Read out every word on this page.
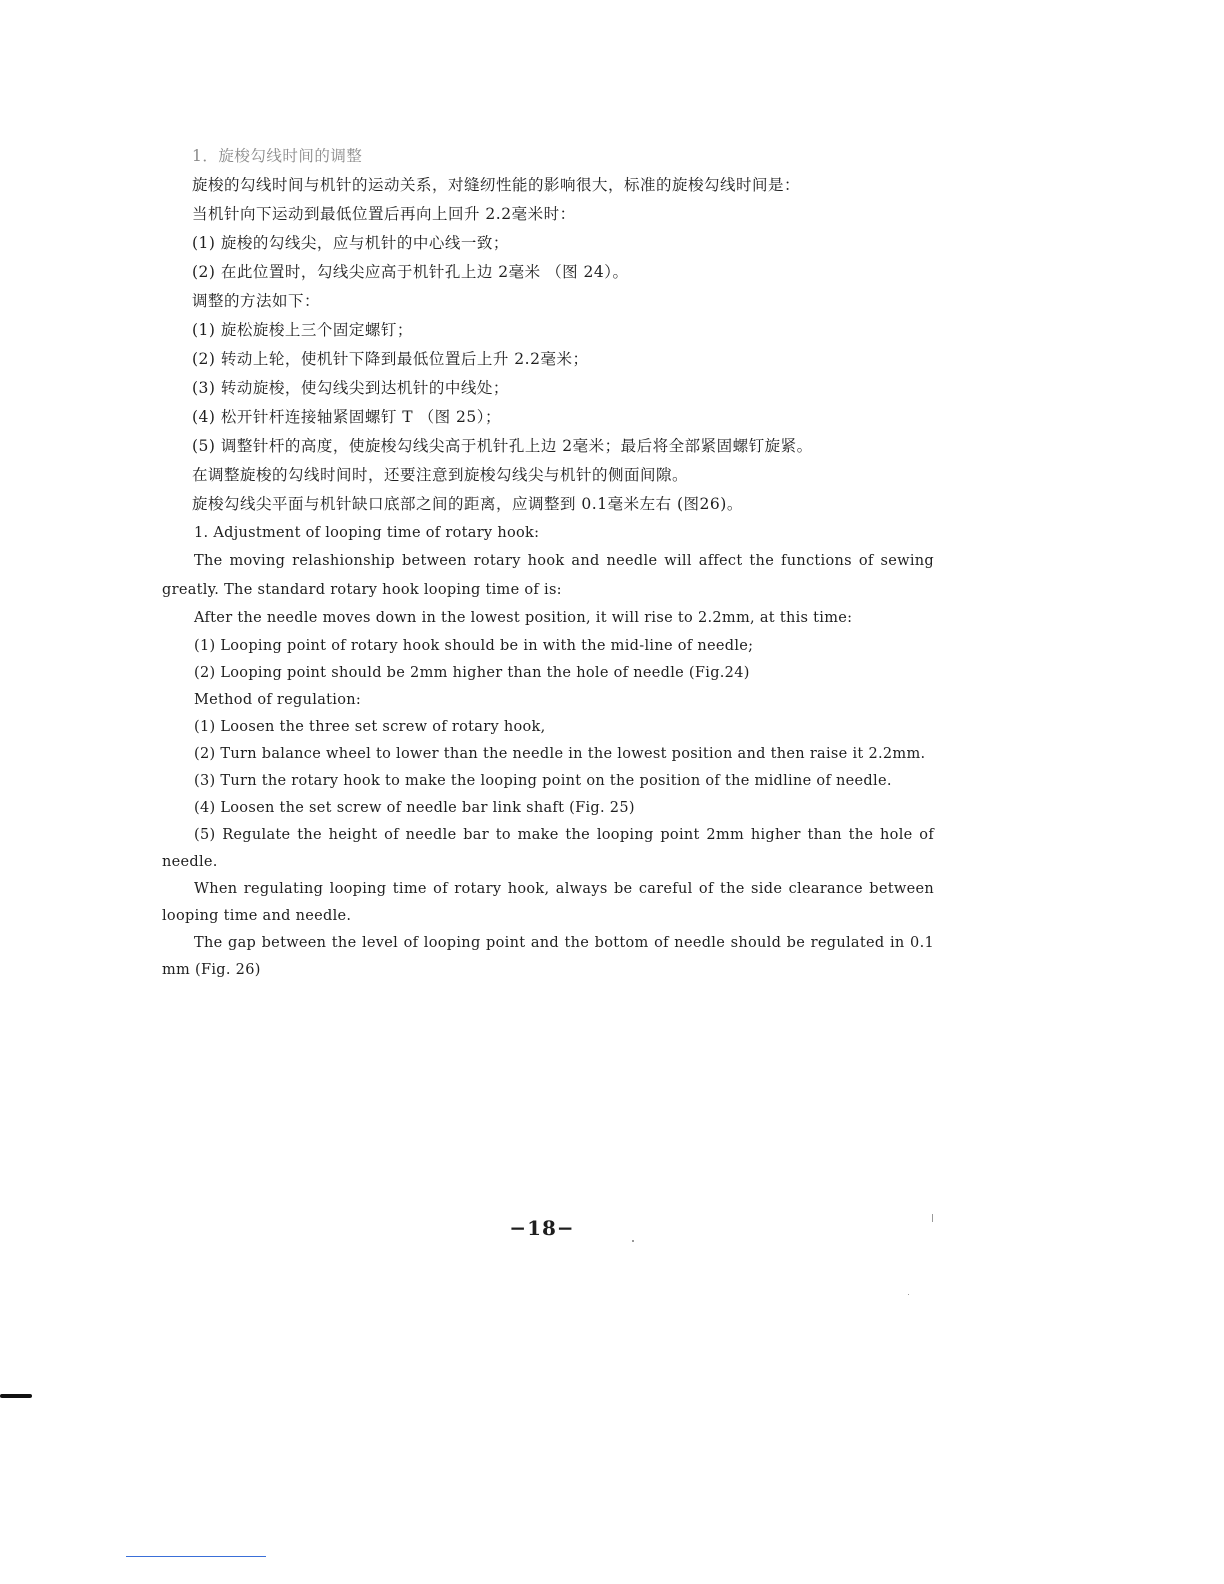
1．旋梭勾线时间的调整

旋梭的勾线时间与机针的运动关系，对缝纫性能的影响很大，标准的旋梭勾线时间是：

当机针向下运动到最低位置后再向上回升 2.2毫米时：

(1) 旋梭的勾线尖，应与机针的中心线一致；

(2) 在此位置时，勾线尖应高于机针孔上边 2毫米 （图 24）。

调整的方法如下：

(1) 旋松旋梭上三个固定螺钉；

(2) 转动上轮，使机针下降到最低位置后上升 2.2毫米；

(3) 转动旋梭，使勾线尖到达机针的中线处；

(4) 松开针杆连接轴紧固螺钉 T （图 25）；

(5) 调整针杆的高度，使旋梭勾线尖高于机针孔上边 2毫米；最后将全部紧固螺钉旋紧。

在调整旋梭的勾线时间时，还要注意到旋梭勾线尖与机针的侧面间隙。

旋梭勾线尖平面与机针缺口底部之间的距离，应调整到 0.1毫米左右 (图26)。

1. Adjustment of looping time of rotary hook:

The moving relashionship between rotary hook and needle will affect the functions of sewing greatly. The standard rotary hook looping time of is:

After the needle moves down in the lowest position, it will rise to 2.2mm, at this time:

(1) Looping point of rotary hook should be in with the mid-line of needle;

(2) Looping point should be 2mm higher than the hole of needle (Fig.24)

Method of regulation:

(1) Loosen the three set screw of rotary hook,

(2) Turn balance wheel to lower than the needle in the lowest position and then raise it 2.2mm.

(3) Turn the rotary hook to make the looping point on the position of the midline of needle.

(4) Loosen the set screw of needle bar link shaft (Fig. 25)

(5) Regulate the height of needle bar to make the looping point 2mm higher than the hole of needle.

When regulating looping time of rotary hook, always be careful of the side clearance between looping time and needle.

The gap between the level of looping point and the bottom of needle should be regulated in 0.1 mm (Fig. 26)

−18−
